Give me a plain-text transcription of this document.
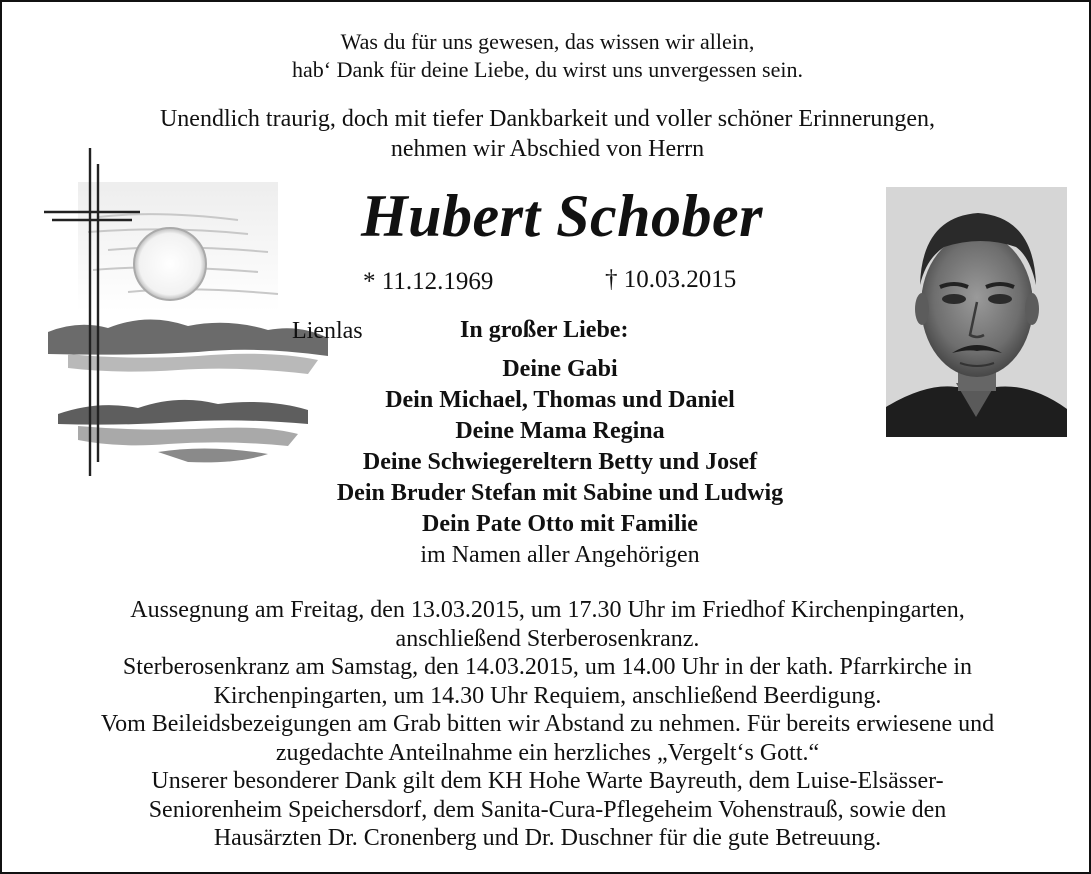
Was du für uns gewesen, das wissen wir allein,
hab‘ Dank für deine Liebe, du wirst uns unvergessen sein.
Unendlich traurig, doch mit tiefer Dankbarkeit und voller schöner Erinnerungen,
nehmen wir Abschied von Herrn
Hubert Schober
* 11.12.1969	† 10.03.2015
Lienlas	In großer Liebe:
Deine Gabi
Dein Michael, Thomas und Daniel
Deine Mama Regina
Deine Schwiegereltern Betty und Josef
Dein Bruder Stefan mit Sabine und Ludwig
Dein Pate Otto mit Familie
im Namen aller Angehörigen
Aussegnung am Freitag, den 13.03.2015, um 17.30 Uhr im Friedhof Kirchenpingarten,
anschließend Sterberosenkranz.
Sterberosenkranz am Samstag, den 14.03.2015, um 14.00 Uhr in der kath. Pfarrkirche in
Kirchenpingarten, um 14.30 Uhr Requiem, anschließend Beerdigung.
Vom Beileidsbezeigungen am Grab bitten wir Abstand zu nehmen. Für bereits erwiesene und
zugedachte Anteilnahme ein herzliches „Vergelt‘s Gott.“
Unserer besonderer Dank gilt dem KH Hohe Warte Bayreuth, dem Luise-Elsässer-
Seniorenheim Speichersdorf, dem Sanita-Cura-Pflegeheim Vohenstrauß, sowie den
Hausärzten Dr. Cronenberg und Dr. Duschner für die gute Betreuung.
